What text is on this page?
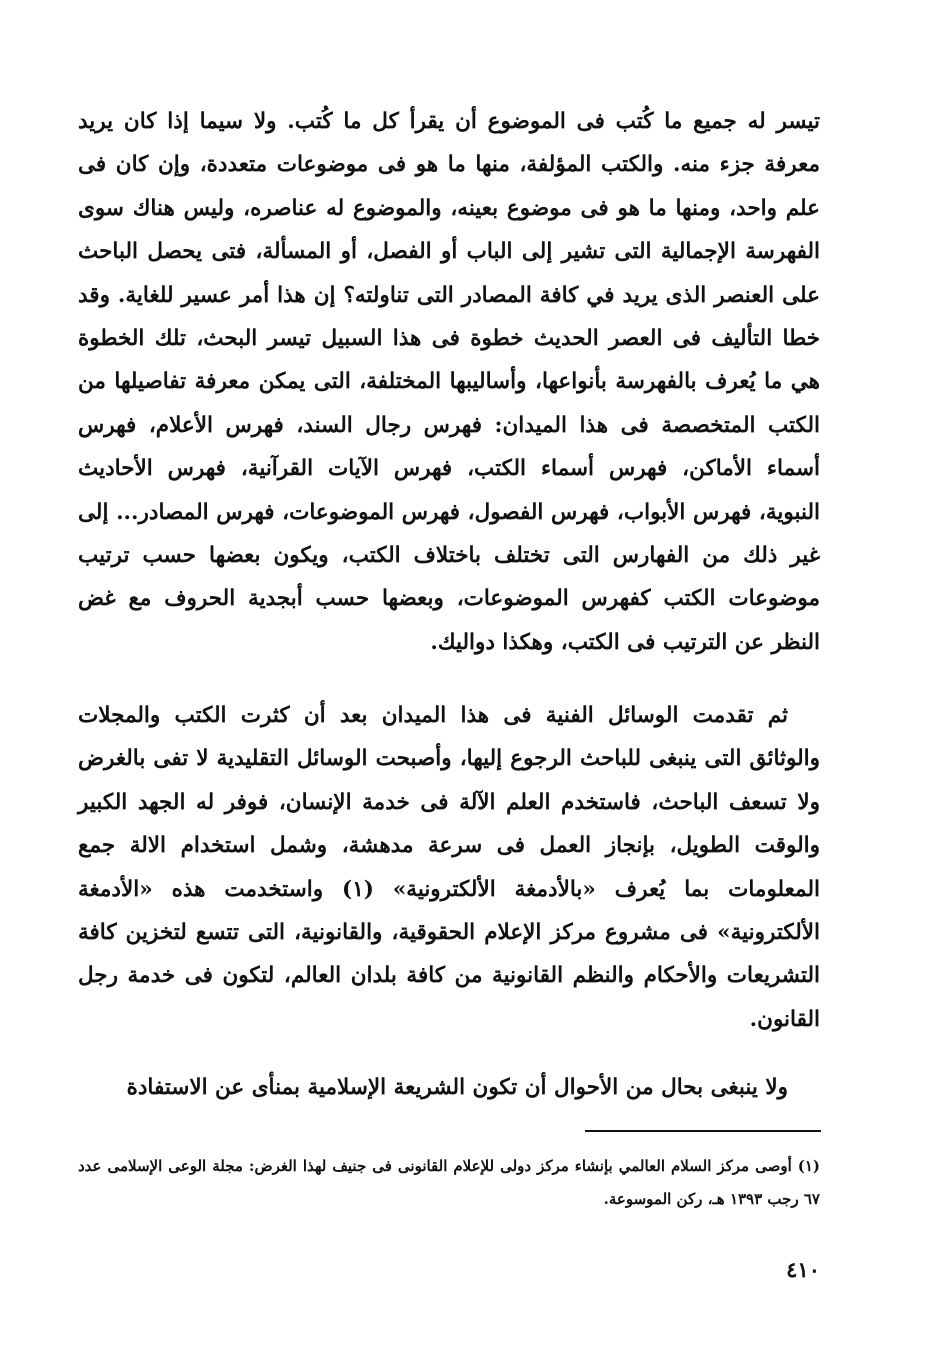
تيسر له جميع ما كُتب فى الموضوع أن يقرأ كل ما كُتب. ولا سيما إذا كان يريد معرفة جزء منه. والكتب المؤلفة، منها ما هو فى موضوعات متعددة، وإن كان فى علم واحد، ومنها ما هو فى موضوع بعينه، والموضوع له عناصره، وليس هناك سوى الفهرسة الإجمالية التى تشير إلى الباب أو الفصل، أو المسألة، فتى يحصل الباحث على العنصر الذى يريد في كافة المصادر التى تناولته؟ إن هذا أمر عسير للغاية. وقد خطا التأليف فى العصر الحديث خطوة فى هذا السبيل تيسر البحث، تلك الخطوة هي ما يُعرف بالفهرسة بأنواعها، وأساليبها المختلفة، التى يمكن معرفة تفاصيلها من الكتب المتخصصة فى هذا الميدان: فهرس رجال السند، فهرس الأعلام، فهرس أسماء الأماكن، فهرس أسماء الكتب، فهرس الآيات القرآنية، فهرس الأحاديث النبوية، فهرس الأبواب، فهرس الفصول، فهرس الموضوعات، فهرس المصادر... إلى غير ذلك من الفهارس التى تختلف باختلاف الكتب، ويكون بعضها حسب ترتيب موضوعات الكتب كفهرس الموضوعات، وبعضها حسب أبجدية الحروف مع غض النظر عن الترتيب فى الكتب، وهكذا دواليك.

ثم تقدمت الوسائل الفنية فى هذا الميدان بعد أن كثرت الكتب والمجلات والوثائق التى ينبغى للباحث الرجوع إليها، وأصبحت الوسائل التقليدية لا تفى بالغرض ولا تسعف الباحث، فاستخدم العلم الآلة فى خدمة الإنسان، فوفر له الجهد الكبير والوقت الطويل، بإنجاز العمل فى سرعة مدهشة، وشمل استخدام الالة جمع المعلومات بما يُعرف «بالأدمغة الألكترونية» (١) واستخدمت هذه «الأدمغة الألكترونية» فى مشروع مركز الإعلام الحقوقية، والقانونية، التى تتسع لتخزين كافة التشريعات والأحكام والنظم القانونية من كافة بلدان العالم، لتكون فى خدمة رجل القانون.

ولا ينبغى بحال من الأحوال أن تكون الشريعة الإسلامية بمنأى عن الاستفادة

(١) أوصى مركز السلام العالمي بإنشاء مركز دولى للإعلام القانونى فى جنيف لهذا الغرض: مجلة الوعى الإسلامى عدد ٦٧ رجب ١٣٩٣ هـ، ركن الموسوعة.

٤١٠
